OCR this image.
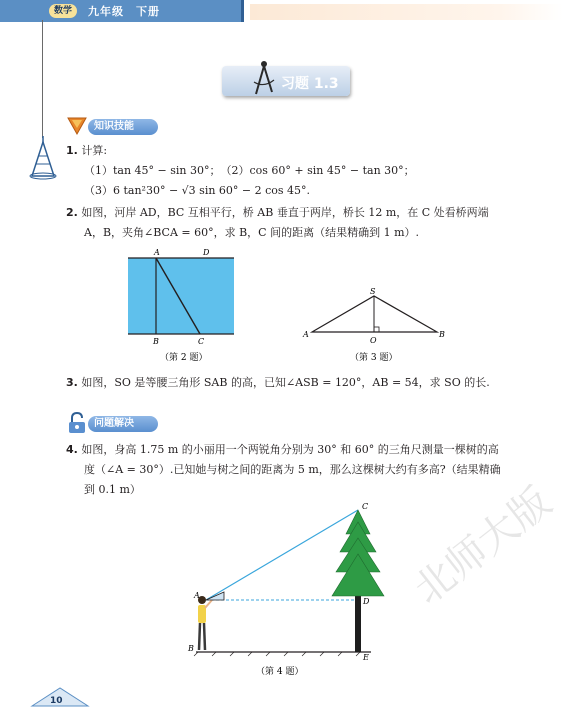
数学	九年级　下册
习题 1.3
知识技能
1. 计算:
（1）tan 45° − sin 30°；　（2）cos 60° + sin 45° − tan 30°；
（3）6 tan²30° − √3 sin 60° − 2 cos 45°.
2. 如图，河岸 AD，BC 互相平行，桥 AB 垂直于两岸，桥长 12 m，在 C 处看桥两端
A，B，夹角∠BCA = 60°，求 B，C 间的距离（结果精确到 1 m）.
A	D
B	C
（第 2 题）
S
A
O
B
（第 3 题）
3. 如图，SO 是等腰三角形 SAB 的高，已知∠ASB = 120°，AB = 54，求 SO 的长.
问题解决
4. 如图，身高 1.75 m 的小丽用一个两锐角分别为 30° 和 60° 的三角尺测量一棵树的高
度（∠A = 30°）.已知她与树之间的距离为 5 m，那么这棵树大约有多高?（结果精确
到 0.1 m）
C
A
D
B
E
（第 4 题）
北师大版
10
